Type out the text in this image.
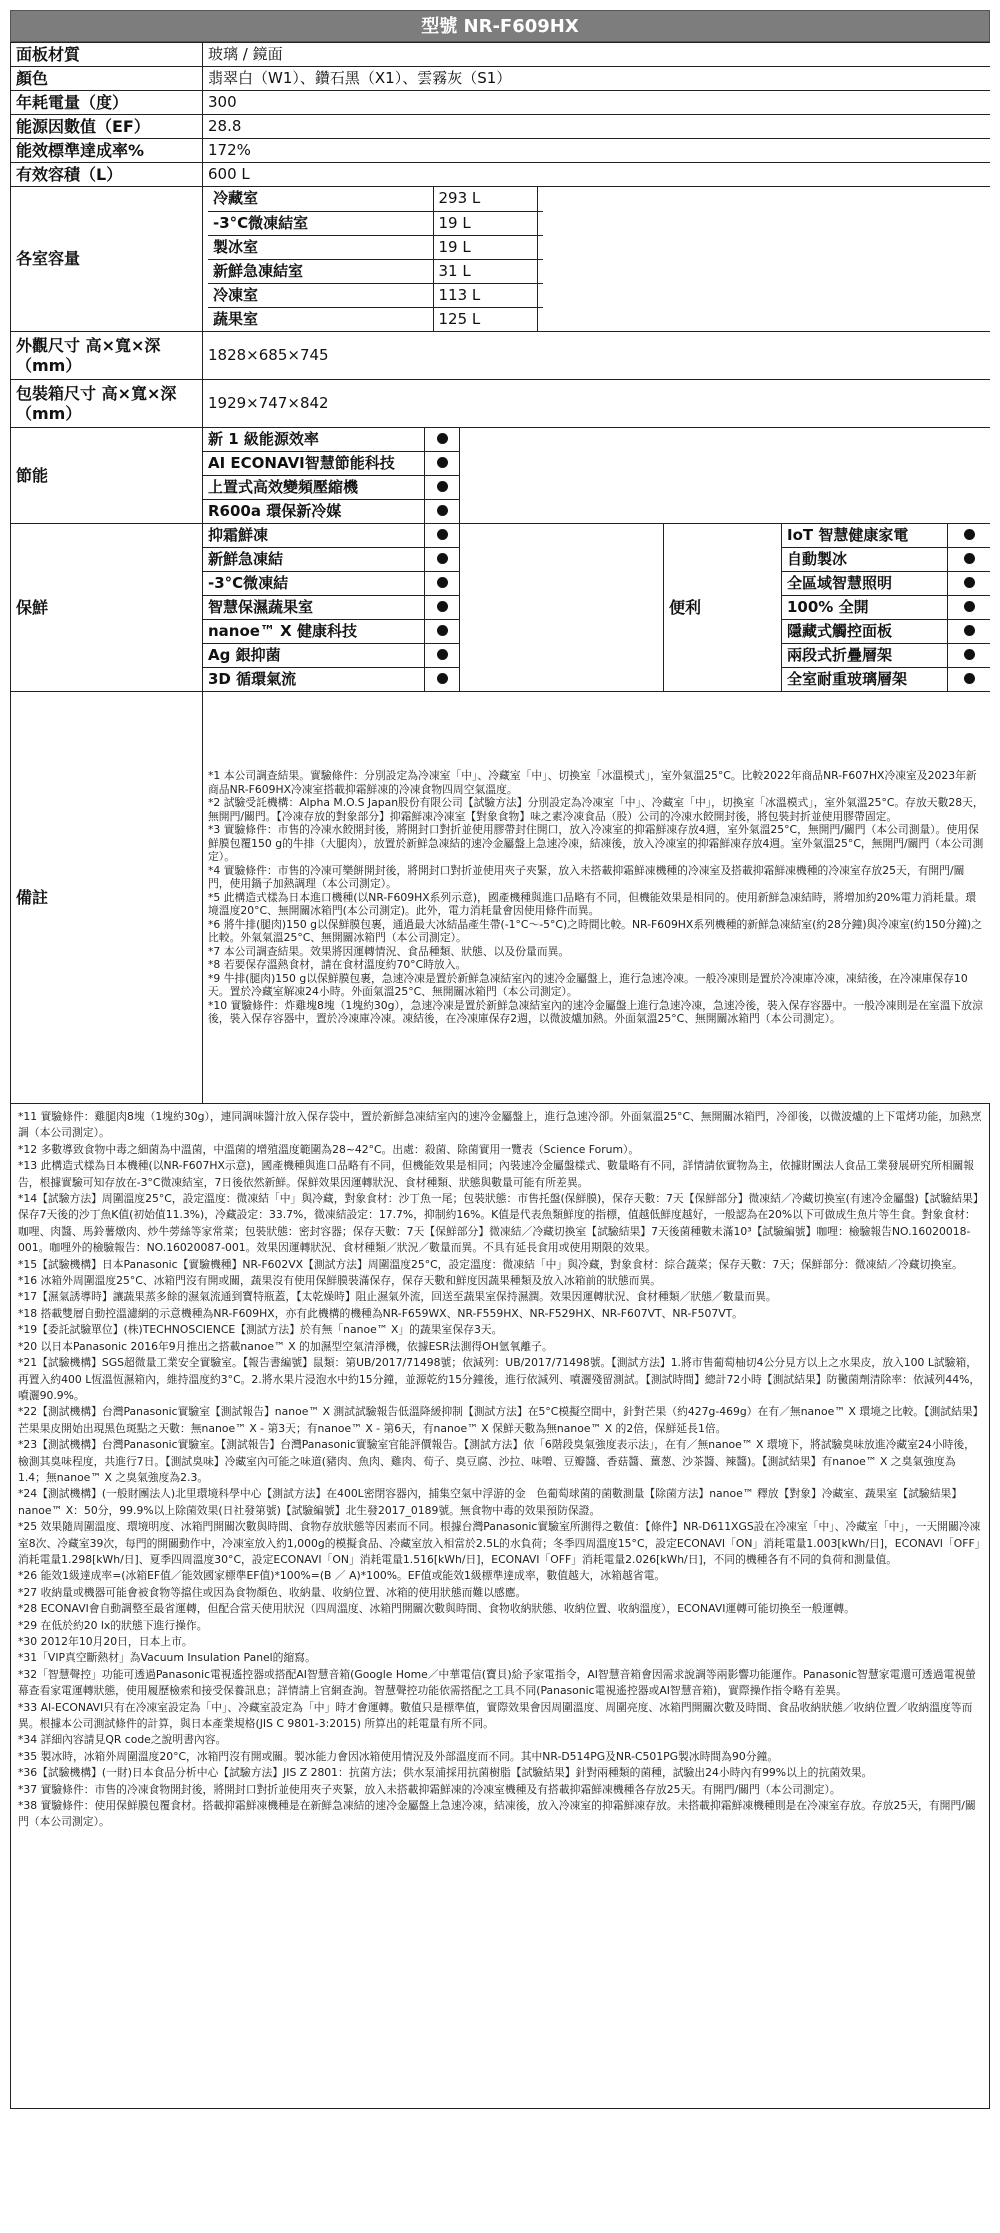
型號 NR-F609HX
面板材質	玻璃 / 鏡面
顏色	翡翠白（W1）、鑽石黑（X1）、雲霧灰（S1）
年耗電量（度）	300
能源因數值（EF）	28.8
能效標準達成率%	172%
有效容積（L）	600 L
各室容量	
冷藏室	293 L
-3°C微凍結室	19 L
製冰室	19 L
新鮮急凍結室	31 L
冷凍室	113 L
蔬果室	125 L

外觀尺寸 高×寬×深（mm）	1828×685×745
包裝箱尺寸 高×寬×深（mm）	1929×747×842
節能	新 1 級能源效率		
AI ECONAVI智慧節能科技	
上置式高效變頻壓縮機	
R600a 環保新冷媒	
保鮮	抑霜鮮凍			便利	IoT 智慧健康家電	
新鮮急凍結		自動製冰	
-3°C微凍結		全區域智慧照明	
智慧保濕蔬果室		100% 全開	
nanoe™ X 健康科技		隱藏式觸控面板	
Ag 銀抑菌		兩段式折疊層架	
3D 循環氣流		全室耐重玻璃層架	
備註	
*1 本公司調查結果。實驗條件：分別設定為冷凍室「中」、冷藏室「中」、切換室「冰溫模式」，室外氣溫25°C。比較2022年商品NR-F607HX冷凍室及2023年新商品NR-F609HX冷凍室搭載抑霜鮮凍的冷凍食物四周空氣溫度。
*2 試驗受託機構：Alpha M.O.S Japan股份有限公司【試驗方法】分別設定為冷凍室「中」、冷藏室「中」，切換室「冰溫模式」，室外氣溫25°C。存放天數28天，無開門/關門。【冷凍存放的對象部分】抑霜鮮凍冷凍室【對象食物】味之素冷凍食品（股）公司的冷凍水餃開封後，將包裝封折並使用膠帶固定。
*3 實驗條件：市售的冷凍水餃開封後，將開封口對折並使用膠帶封住開口，放入冷凍室的抑霜鮮凍存放4週，室外氣溫25°C，無開門/關門（本公司測量）。使用保鮮膜包覆150 g的牛排（大腿肉），放置於新鮮急凍結的速冷金屬盤上急速冷凍，結凍後，放入冷凍室的抑霜鮮凍存放4週。室外氣溫25°C，無開門/關門（本公司測定）。
*4 實驗條件：市售的冷凍可樂餅開封後，將開封口對折並使用夾子夾緊，放入未搭載抑霜鮮凍機種的冷凍室及搭載抑霜鮮凍機種的冷凍室存放25天，有開門/關門，使用鍋子加熱調理（本公司測定）。
*5 此構造式樣為日本進口機種(以NR-F609HX系列示意)，國產機種與進口品略有不同，但機能效果是相同的。使用新鮮急凍結時，將增加約20%電力消耗量。環境溫度20°C、無開關冰箱門(本公司測定)。此外，電力消耗量會因使用條件而異。
*6 將牛排(腿肉)150 g以保鮮膜包裹，通過最大冰結晶產生帶(-1°C〜-5°C)之時間比較。NR-F609HX系列機種的新鮮急凍結室(約28分鐘)與冷凍室(約150分鐘)之比較。外氣氣溫25°C、無開關冰箱門（本公司測定）。
*7 本公司調查結果。效果將因運轉情況、食品種類、狀態、以及份量而異。
*8 若要保存溫熱食材，請在食材溫度約70°C時放入。
*9 牛排(腿肉)150 g以保鮮膜包裹，急速冷凍是置於新鮮急凍結室內的速冷金屬盤上，進行急速冷凍。一般冷凍則是置於冷凍庫冷凍，凍結後，在冷凍庫保存10天。置於冷藏室解凍24小時。外面氣溫25°C、無開關冰箱門（本公司測定）。
*10 實驗條件：炸雞塊8塊（1塊約30g），急速冷凍是置於新鮮急凍結室內的速冷金屬盤上進行急速冷凍，急速冷後，裝入保存容器中。一般冷凍則是在室溫下放涼後，裝入保存容器中，置於冷凍庫冷凍。凍結後，在冷凍庫保存2週，以微波爐加熱。外面氣溫25°C、無開關冰箱門（本公司測定）。
*11 實驗條件：雞腿肉8塊（1塊約30g），連同調味醬汁放入保存袋中，置於新鮮急凍結室內的速冷金屬盤上，進行急速冷卻。外面氣溫25°C、無開關冰箱門，冷卻後，以微波爐的上下電烤功能，加熱烹調（本公司測定）。
*12 多數導致食物中毒之細菌為中溫菌，中溫菌的增殖溫度範圍為28~42°C。出處：殺菌、除菌實用一覽表（Science Forum）。
*13 此構造式樣為日本機種(以NR-F607HX示意)，國產機種與進口品略有不同，但機能效果是相同；內裝速冷金屬盤樣式、數量略有不同，詳情請依實物為主，依據財團法人食品工業發展研究所相關報告，根據實驗可知存放在-3°C微凍結室，7日後依然新鮮。保鮮效果因運轉狀況、食材種類、狀態與數量可能有所差異。
*14【試驗方法】周圍溫度25°C，設定溫度：微凍結「中」與冷藏，對象食材：沙丁魚一尾；包裝狀態：市售托盤(保鮮膜)，保存天數：7天【保鮮部分】微凍結／冷藏切換室(有速冷金屬盤)【試驗結果】保存7天後的沙丁魚K值(初始值11.3%)，冷藏設定：33.7%，微凍結設定：17.7%，抑制約16%。K值是代表魚類鮮度的指標，值越低鮮度越好，一般認為在20%以下可做成生魚片等生食。對象食材：咖哩、肉醬、馬鈴薯燉肉、炒牛蒡絲等家常菜；包裝狀態：密封容器；保存天數：7天【保鮮部分】微凍結／冷藏切換室【試驗結果】7天後菌種數未滿10³【試驗編號】咖哩：檢驗報告NO.16020018-001。咖哩外的檢驗報告：NO.16020087-001。效果因運轉狀況、食材種類／狀況／數量而異。不具有延長食用或使用期限的效果。
*15【試驗機構】日本Panasonic【實驗機種】NR-F602VX【測試方法】周圍溫度25°C，設定溫度：微凍結「中」與冷藏，對象食材：綜合蔬菜；保存天數：7天；保鮮部分：微凍結／冷藏切換室。
*16 冰箱外周圍溫度25°C、冰箱門沒有開或關，蔬果沒有使用保鮮膜裝滿保存，保存天數和鮮度因蔬果種類及放入冰箱前的狀態而異。
*17【濕氣誘導時】讓蔬果蒸多餘的濕氣流通到寶特瓶蓋，【太乾燥時】阻止濕氣外流，回送至蔬果室保持濕潤。效果因運轉狀況、食材種類／狀態／數量而異。
*18 搭載雙層自動控溫濾網的示意機種為NR-F609HX，亦有此機構的機種為NR-F659WX、NR-F559HX、NR-F529HX、NR-F607VT、NR-F507VT。
*19【委託試驗單位】(株)TECHNOSCIENCE【測試方法】於有無「nanoe™ X」的蔬果室保存3天。
*20 以日本Panasonic 2016年9月推出之搭載nanoe™ X 的加濕型空氣清淨機，依據ESR法測得OH氫氧離子。
*21【試驗機構】SGS超微量工業安全實驗室。【報告書編號】鼠類：第UB/2017/71498號；依減列：UB/2017/71498號。【測試方法】1.將市售葡萄柚切4公分見方以上之水果皮，放入100 L試驗箱，再置入約400 L恆溫恆濕箱內，維持溫度約3°C。2.將水果片浸泡水中約15分鐘，並源乾約15分鐘後，進行依減列、噴灑殘留測試。【測試時間】總計72小時【測試結果】防黴菌劑清除率：依減列44%，噴灑90.9%。
*22【測試機構】台灣Panasonic實驗室【測試報告】nanoe™ X 測試試驗報告低溫降緩抑制【測試方法】在5°C模擬空間中，針對芒果（約427g-469g）在有／無nanoe™ X 環境之比較。【測試結果】芒果果皮開始出現黑色斑點之天數：無nanoe™ X - 第3天；有nanoe™ X - 第6天，有nanoe™ X 保鮮天數為無nanoe™ X 的2倍，保鮮延長1倍。
*23【測試機構】台灣Panasonic實驗室。【測試報告】台灣Panasonic實驗室官能評價報告。【測試方法】依「6階段臭氣強度表示法」，在有／無nanoe™ X 環境下，將試驗臭味放進冷藏室24小時後，檢測其臭味程度，共進行7日。【測試臭味】冷藏室內可能之味道(豬肉、魚肉、雞肉、荀子、臭豆腐、沙拉、味噌、豆瓣醬、香菇醬、薑葱、沙茶醬、辣醬)。【測試結果】有nanoe™ X 之臭氣強度為1.4；無nanoe™ X 之臭氣強度為2.3。
*24【測試機構】(一般財團法人)北里環境科學中心【測試方法】在400L密閉容器內，捕集空氣中浮游的金　色葡萄球菌的菌數測量【除菌方法】nanoe™ 釋放【對象】冷藏室、蔬果室【試驗結果】nanoe™ X：50分，99.9%以上除菌效果(日社發第號)【試驗編號】北生發2017_0189號。無食物中毒的效果預防保證。
*25 效果隨周圍溫度、環境明度、冰箱門開關次數與時間、食物存放狀態等因素而不同。根據台灣Panasonic實驗室所測得之數值：【條件】NR-D611XGS設在冷凍室「中」、冷藏室「中」，一天開關冷凍室8次、冷藏室39次，每門的開關動作中，冷凍室放入約1,000g的模擬食品、冷藏室放入相當於2.5L的水負荷；冬季四周溫度15°C，設定ECONAVI「ON」消耗電量1.003[kWh/日]，ECONAVI「OFF」消耗電量1.298[kWh/日]、夏季四周溫度30°C，設定ECONAVI「ON」消耗電量1.516[kWh/日]，ECONAVI「OFF」消耗電量2.026[kWh/日]，不同的機種各有不同的負荷和測量值。
*26 能效1級達成率=(冰箱EF值／能效國家標準EF值)*100%=(B ／ A)*100%。EF值或能效1級標準達成率，數值越大，冰箱越省電。
*27 收納量或機器可能會被食物等擋住或因為食物顏色、收納量、收納位置、冰箱的使用狀態而難以感應。
*28 ECONAVI會自動調整至最省運轉，但配合當天使用狀況（四周溫度、冰箱門開關次數與時間、食物收納狀態、收納位置、收納溫度），ECONAVI運轉可能切換至一般運轉。
*29 在低於約20 lx的狀態下進行操作。
*30 2012年10月20日，日本上市。
*31「VIP真空斷熱材」為Vacuum Insulation Panel的縮寫。
*32「智慧聲控」功能可透過Panasonic電視遙控器或搭配AI智慧音箱(Google Home／中華電信(寶貝)給予家電指令，AI智慧音箱會因需求說調等兩影響功能運作。Panasonic智慧家電還可透過電視螢幕查看家電運轉狀態，使用履歷檢索和接受保養訊息；詳情請上官網查詢。智慧聲控功能依需搭配之工具不同(Panasonic電視遙控器或AI智慧音箱)，實際操作指令略有差異。
*33 AI-ECONAVI只有在冷凍室設定為「中」、冷藏室設定為「中」時才會運轉。數值只是標準值，實際效果會因周圍溫度、周圍亮度、冰箱門開關次數及時間、食品收納狀態／收納位置／收納溫度等而異。根據本公司測試條件的計算，與日本產業規格(JIS C 9801-3:2015) 所算出的耗電量有所不同。
*34 詳細內容請見QR code之說明書內容。
*35 製冰時，冰箱外周圍溫度20°C，冰箱門沒有開或關。製冰能力會因冰箱使用情況及外部溫度而不同。其中NR-D514PG及NR-C501PG製冰時間為90分鐘。
*36【試驗機構】(一財)日本食品分析中心【試驗方法】JIS Z 2801：抗菌方法；供水泵浦採用抗菌樹脂【試驗結果】針對兩種類的菌種，試驗出24小時內有99%以上的抗菌效果。
*37 實驗條件：市售的冷凍食物開封後，將開封口對折並使用夾子夾緊，放入未搭載抑霜鮮凍的冷凍室機種及有搭載抑霜鮮凍機種各存放25天。有開門/關門（本公司測定）。
*38 實驗條件：使用保鮮膜包覆食材。搭載抑霜鮮凍機種是在新鮮急凍結的速冷金屬盤上急速冷凍，結凍後，放入冷凍室的抑霜鮮凍存放。未搭載抑霜鮮凍機種則是在冷凍室存放。存放25天，有開門/關門（本公司測定）。
